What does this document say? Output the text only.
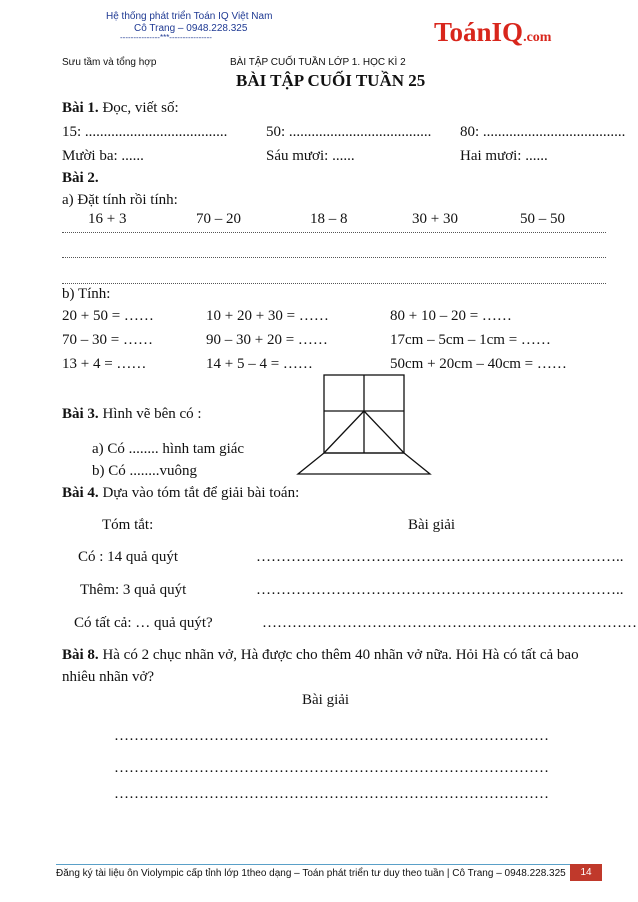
Hệ thống phát triển Toán IQ Việt Nam
Cô Trang – 0948.228.325
---------------***----------------	ToánIQ.com
Sưu tầm và tổng hợp	BÀI TẬP CUỐI TUẦN LỚP 1. HỌC KÌ 2
BÀI TẬP CUỐI TUẦN 25
Bài 1. Đọc, viết số:
15: ......................................	50: ...................................... 80: ......................................
Mười ba: ......	Sáu mươi: ......	Hai mươi: ......
Bài 2.
a) Đặt tính rồi tính:
16 + 3	70 – 20	18 – 8	30 + 30	50 – 50
b) Tính:
20 + 50 = ……	10 + 20 + 30 = ……	80 + 10 – 20 = ……
70 – 30 = ……	90 – 30 + 20 = ……	17cm – 5cm – 1cm = ……
13 + 4 = ……	14 + 5 – 4 = ……	50cm + 20cm – 40cm = ……
Bài 3. Hình vẽ bên có :
a) Có ........ hình tam giác
b) Có ........vuông
Bài 4. Dựa vào tóm tắt để giải bài toán:
Tóm tắt:	Bài giải
Có : 14 quả quýt	………………………………………………………………..
Thêm: 3 quả quýt	………………………………………………………………..
Có tất cả: … quả quýt?	…………………………………………………………………
Bài 8. Hà có 2 chục nhãn vở, Hà được cho thêm 40 nhãn vở nữa. Hỏi Hà có tất cả bao
nhiêu nhãn vở?
Bài giải
……………………………………………………………………………
……………………………………………………………………………
……………………………………………………………………………
Đăng ký tài liệu ôn Violympic cấp tỉnh lớp 1theo dạng – Toán phát triển tư duy theo tuần | Cô Trang – 0948.228.325	14
